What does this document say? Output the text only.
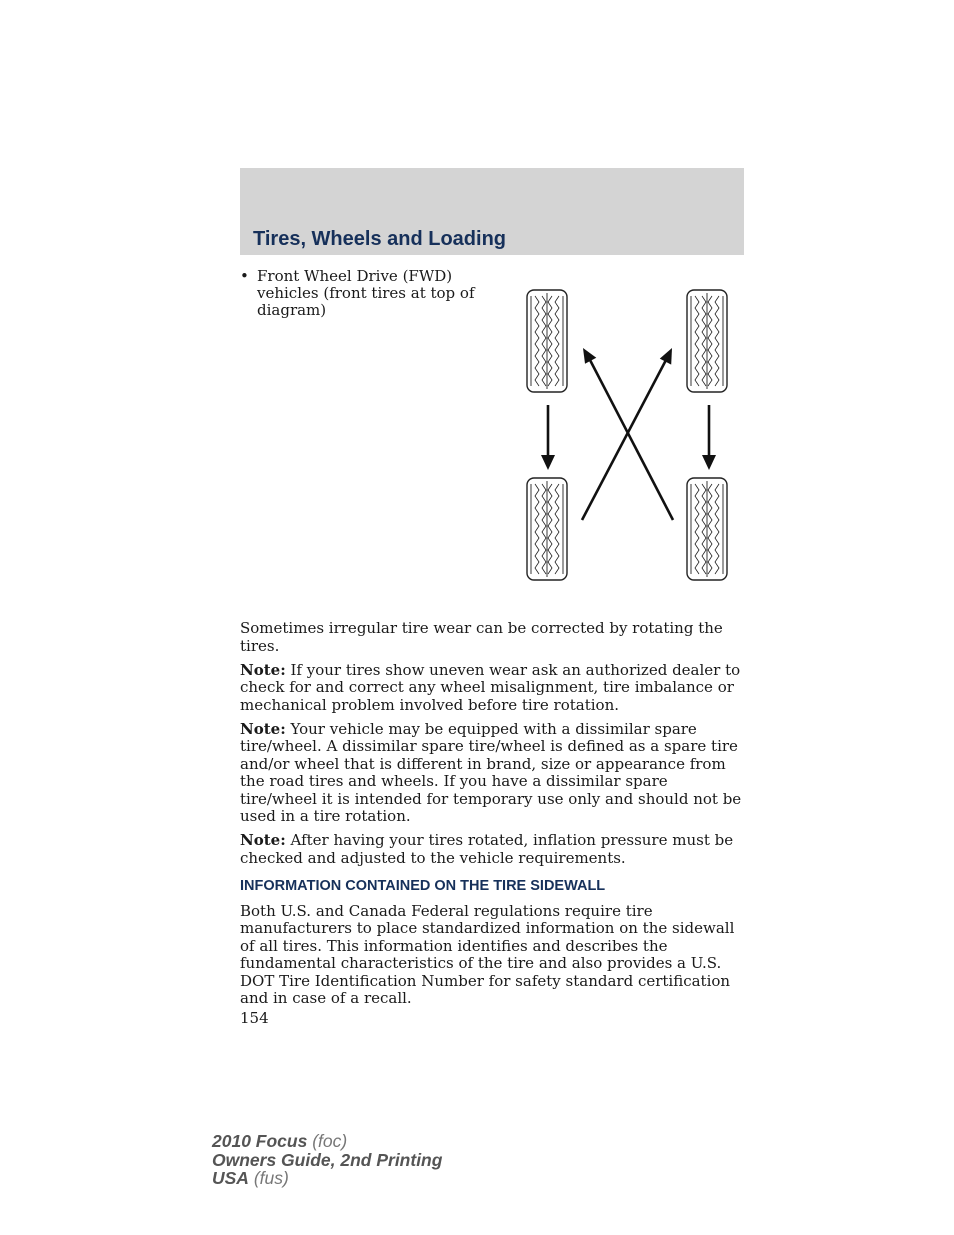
Tires, Wheels and Loading
• Front Wheel Drive (FWD) vehicles (front tires at top of diagram)

Sometimes irregular tire wear can be corrected by rotating the tires.

Note: If your tires show uneven wear ask an authorized dealer to check for and correct any wheel misalignment, tire imbalance or mechanical problem involved before tire rotation.

Note: Your vehicle may be equipped with a dissimilar spare tire/wheel. A dissimilar spare tire/wheel is defined as a spare tire and/or wheel that is different in brand, size or appearance from the road tires and wheels. If you have a dissimilar spare tire/wheel it is intended for temporary use only and should not be used in a tire rotation.

Note: After having your tires rotated, inflation pressure must be checked and adjusted to the vehicle requirements.

INFORMATION CONTAINED ON THE TIRE SIDEWALL

Both U.S. and Canada Federal regulations require tire manufacturers to place standardized information on the sidewall of all tires. This information identifies and describes the fundamental characteristics of the tire and also provides a U.S. DOT Tire Identification Number for safety standard certification and in case of a recall.

154
2010 Focus (foc)
Owners Guide, 2nd Printing
USA (fus)
